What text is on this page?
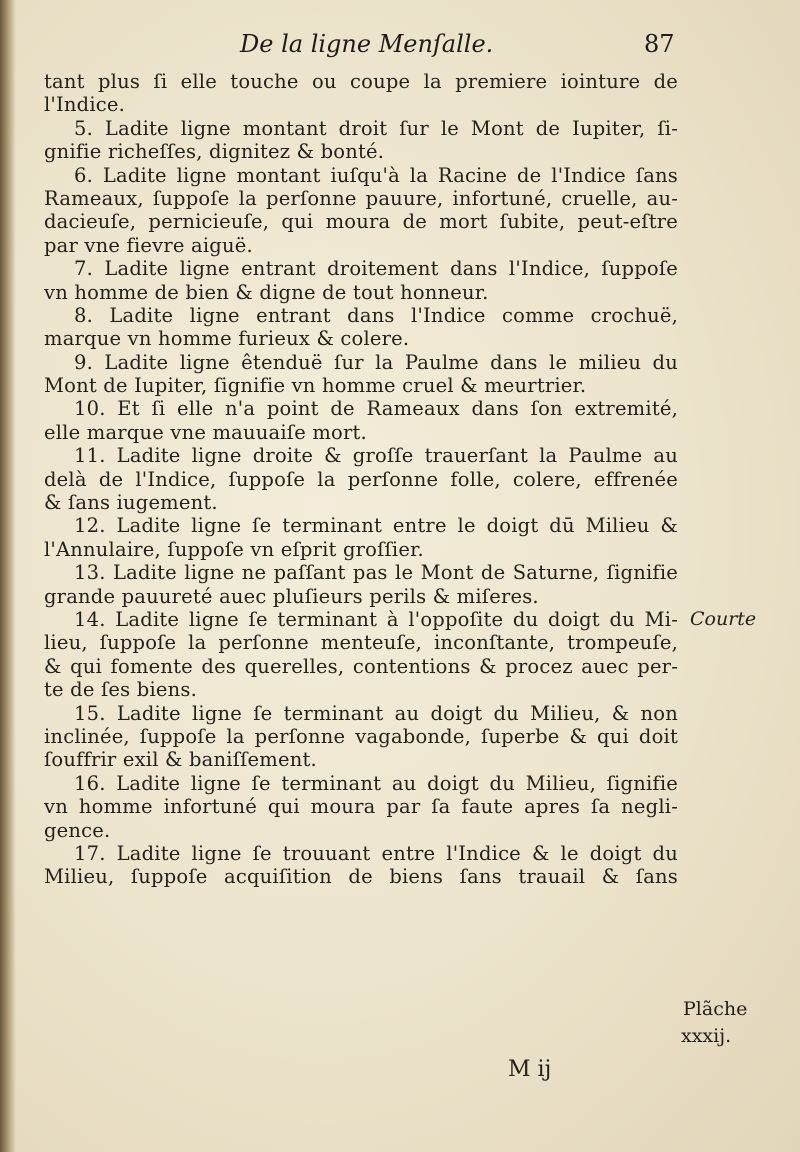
De la ligne Menſalle.	87
tant plus ſi elle touche ou coupe la premiere iointure de
l'Indice.
5. Ladite ligne montant droit ſur le Mont de Iupiter, ſi-
gnifie richeſſes, dignitez & bonté.
6. Ladite ligne montant iuſqu'à la Racine de l'Indice ſans
Rameaux, ſuppoſe la perſonne pauure, infortuné, cruelle, au-
dacieuſe, pernicieuſe, qui moura de mort ſubite, peut-eſtre
par vne fievre aiguë.
7. Ladite ligne entrant droitement dans l'Indice, ſuppoſe
vn homme de bien & digne de tout honneur.
8. Ladite ligne entrant dans l'Indice comme crochuë,
marque vn homme furieux & colere.
9. Ladite ligne êtenduë ſur la Paulme dans le milieu du
Mont de Iupiter, ſignifie vn homme cruel & meurtrier.
10. Et ſi elle n'a point de Rameaux dans ſon extremité,
elle marque vne mauuaiſe mort.
11. Ladite ligne droite & groſſe trauerſant la Paulme au
delà de l'Indice, ſuppoſe la perſonne folle, colere, effrenée
& ſans iugement.
12. Ladite ligne ſe terminant entre le doigt dū Milieu &
l'Annulaire, ſuppoſe vn eſprit groſſier.
13. Ladite ligne ne paſſant pas le Mont de Saturne, ſignifie
grande pauureté auec pluſieurs perils & miſeres.
14. Ladite ligne ſe terminant à l'oppoſite du doigt du Mi-
lieu, ſuppoſe la perſonne menteuſe, inconſtante, trompeuſe,
& qui fomente des querelles, contentions & procez auec per-
te de ſes biens.
15. Ladite ligne ſe terminant au doigt du Milieu, & non
inclinée, ſuppoſe la perſonne vagabonde, ſuperbe & qui doit
ſouffrir exil & baniſſement.
16. Ladite ligne ſe terminant au doigt du Milieu, ſignifie
vn homme infortuné qui moura par ſa faute apres ſa negli-
gence.
17. Ladite ligne ſe trouuant entre l'Indice & le doigt du
Milieu, ſuppoſe acquiſition de biens ſans trauail & ſans
Courte
Plãche
xxxij.
M ij
